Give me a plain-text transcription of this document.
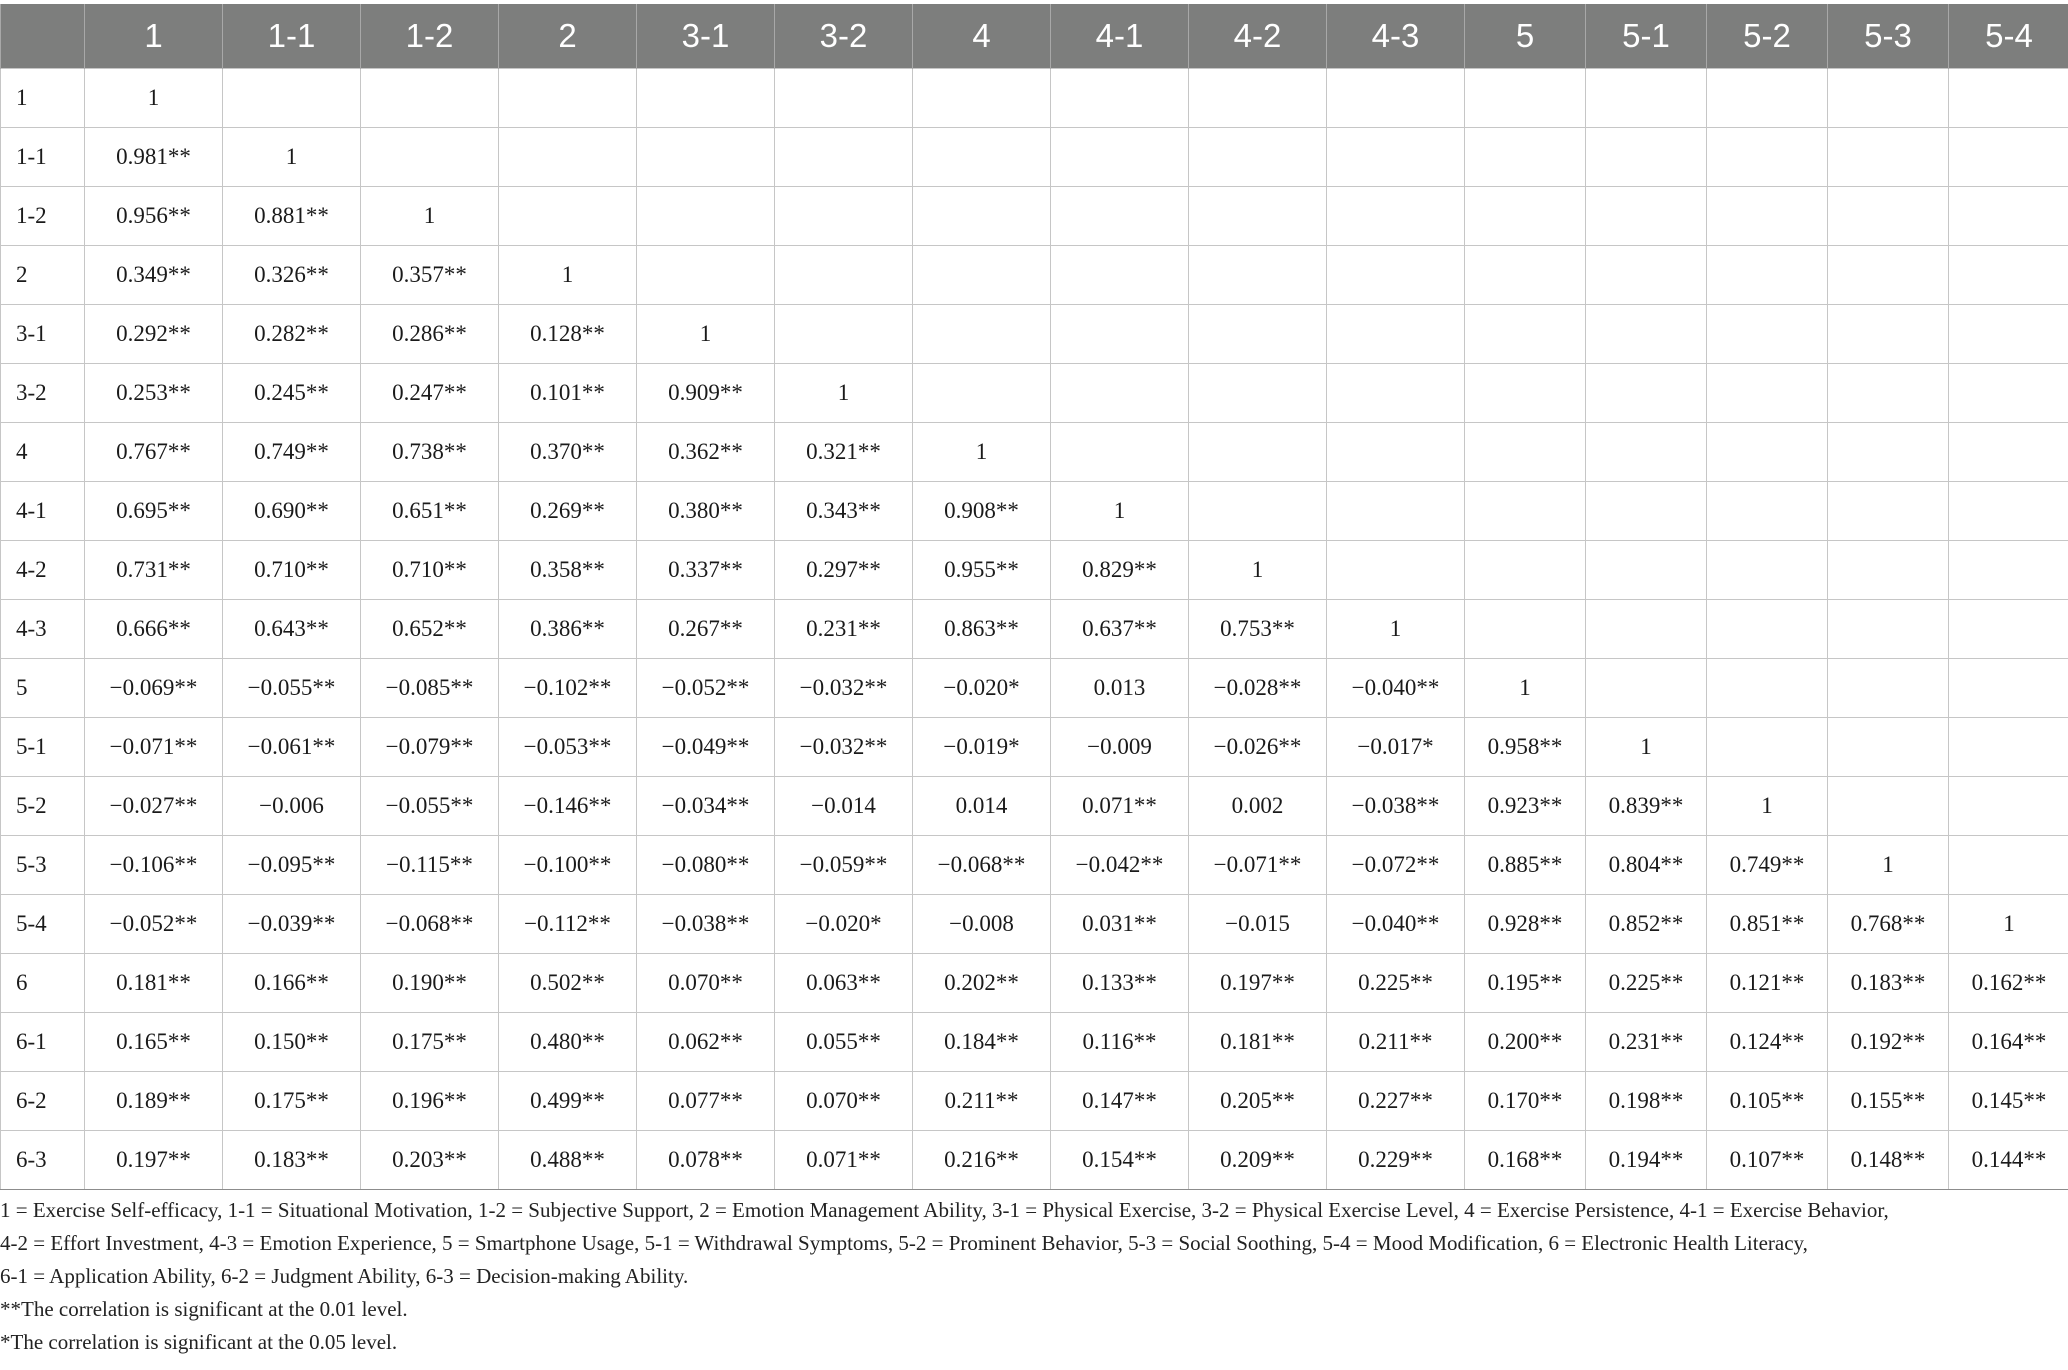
	1	1-1	1-2	2	3-1	3-2	4	4-1	4-2	4-3	5	5-1	5-2	5-3	5-4
1	1														
1-1	0.981**	1													
1-2	0.956**	0.881**	1												
2	0.349**	0.326**	0.357**	1											
3-1	0.292**	0.282**	0.286**	0.128**	1										
3-2	0.253**	0.245**	0.247**	0.101**	0.909**	1									
4	0.767**	0.749**	0.738**	0.370**	0.362**	0.321**	1								
4-1	0.695**	0.690**	0.651**	0.269**	0.380**	0.343**	0.908**	1							
4-2	0.731**	0.710**	0.710**	0.358**	0.337**	0.297**	0.955**	0.829**	1						
4-3	0.666**	0.643**	0.652**	0.386**	0.267**	0.231**	0.863**	0.637**	0.753**	1					
5	−0.069**	−0.055**	−0.085**	−0.102**	−0.052**	−0.032**	−0.020*	0.013	−0.028**	−0.040**	1				
5-1	−0.071**	−0.061**	−0.079**	−0.053**	−0.049**	−0.032**	−0.019*	−0.009	−0.026**	−0.017*	0.958**	1			
5-2	−0.027**	−0.006	−0.055**	−0.146**	−0.034**	−0.014	0.014	0.071**	0.002	−0.038**	0.923**	0.839**	1		
5-3	−0.106**	−0.095**	−0.115**	−0.100**	−0.080**	−0.059**	−0.068**	−0.042**	−0.071**	−0.072**	0.885**	0.804**	0.749**	1	
5-4	−0.052**	−0.039**	−0.068**	−0.112**	−0.038**	−0.020*	−0.008	0.031**	−0.015	−0.040**	0.928**	0.852**	0.851**	0.768**	1
6	0.181**	0.166**	0.190**	0.502**	0.070**	0.063**	0.202**	0.133**	0.197**	0.225**	0.195**	0.225**	0.121**	0.183**	0.162**
6-1	0.165**	0.150**	0.175**	0.480**	0.062**	0.055**	0.184**	0.116**	0.181**	0.211**	0.200**	0.231**	0.124**	0.192**	0.164**
6-2	0.189**	0.175**	0.196**	0.499**	0.077**	0.070**	0.211**	0.147**	0.205**	0.227**	0.170**	0.198**	0.105**	0.155**	0.145**
6-3	0.197**	0.183**	0.203**	0.488**	0.078**	0.071**	0.216**	0.154**	0.209**	0.229**	0.168**	0.194**	0.107**	0.148**	0.144**

1 = Exercise Self-efficacy, 1-1 = Situational Motivation, 1-2 = Subjective Support, 2 = Emotion Management Ability, 3-1 = Physical Exercise, 3-2 = Physical Exercise Level, 4 = Exercise Persistence, 4-1 = Exercise Behavior,

4-2 = Effort Investment, 4-3 = Emotion Experience, 5 = Smartphone Usage, 5-1 = Withdrawal Symptoms, 5-2 = Prominent Behavior, 5-3 = Social Soothing, 5-4 = Mood Modification, 6 = Electronic Health Literacy,

6-1 = Application Ability, 6-2 = Judgment Ability, 6-3 = Decision-making Ability.

**The correlation is significant at the 0.01 level.

*The correlation is significant at the 0.05 level.
